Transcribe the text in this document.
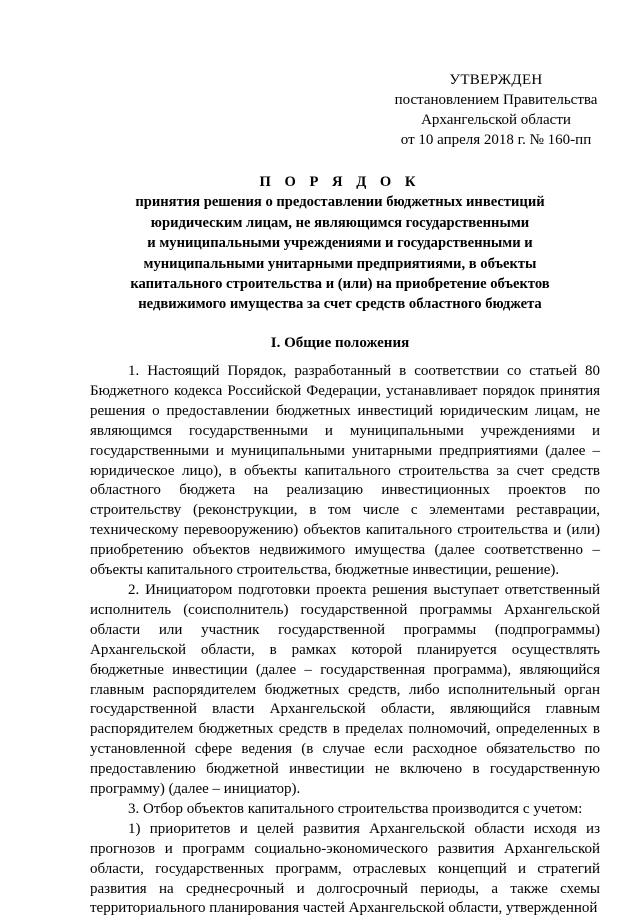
УТВЕРЖДЕН
постановлением Правительства
Архангельской области
от 10 апреля 2018 г. № 160-пп
П О Р Я Д О К
принятия решения о предоставлении бюджетных инвестиций
юридическим лицам, не являющимся государственными
и муниципальными учреждениями и государственными и
муниципальными унитарными предприятиями, в объекты
капитального строительства и (или) на приобретение объектов
недвижимого имущества за счет средств областного бюджета
I. Общие положения

1. Настоящий Порядок, разработанный в соответствии со статьей 80 Бюджетного кодекса Российской Федерации, устанавливает порядок принятия решения о предоставлении бюджетных инвестиций юридическим лицам, не являющимся государственными и муниципальными учреждениями и государственными и муниципальными унитарными предприятиями (далее – юридическое лицо), в объекты капитального строительства за счет средств областного бюджета на реализацию инвестиционных проектов по строительству (реконструкции, в том числе с элементами реставрации, техническому перевооружению) объектов капитального строительства и (или) приобретению объектов недвижимого имущества (далее соответственно – объекты капитального строительства, бюджетные инвестиции, решение).

2. Инициатором подготовки проекта решения выступает ответственный исполнитель (соисполнитель) государственной программы Архангельской области или участник государственной программы (подпрограммы) Архангельской области, в рамках которой планируется осуществлять бюджетные инвестиции (далее – государственная программа), являющийся главным распорядителем бюджетных средств, либо исполнительный орган государственной власти Архангельской области, являющийся главным распорядителем бюджетных средств в пределах полномочий, определенных в установленной сфере ведения (в случае если расходное обязательство по предоставлению бюджетной инвестиции не включено в государственную программу) (далее – инициатор).

3. Отбор объектов капитального строительства производится с учетом:

1) приоритетов и целей развития Архангельской области исходя из прогнозов и программ социально-экономического развития Архангельской области, государственных программ, отраслевых концепций и стратегий развития на среднесрочный и долгосрочный периоды, а также схемы территориального планирования частей Архангельской области, утвержденной
